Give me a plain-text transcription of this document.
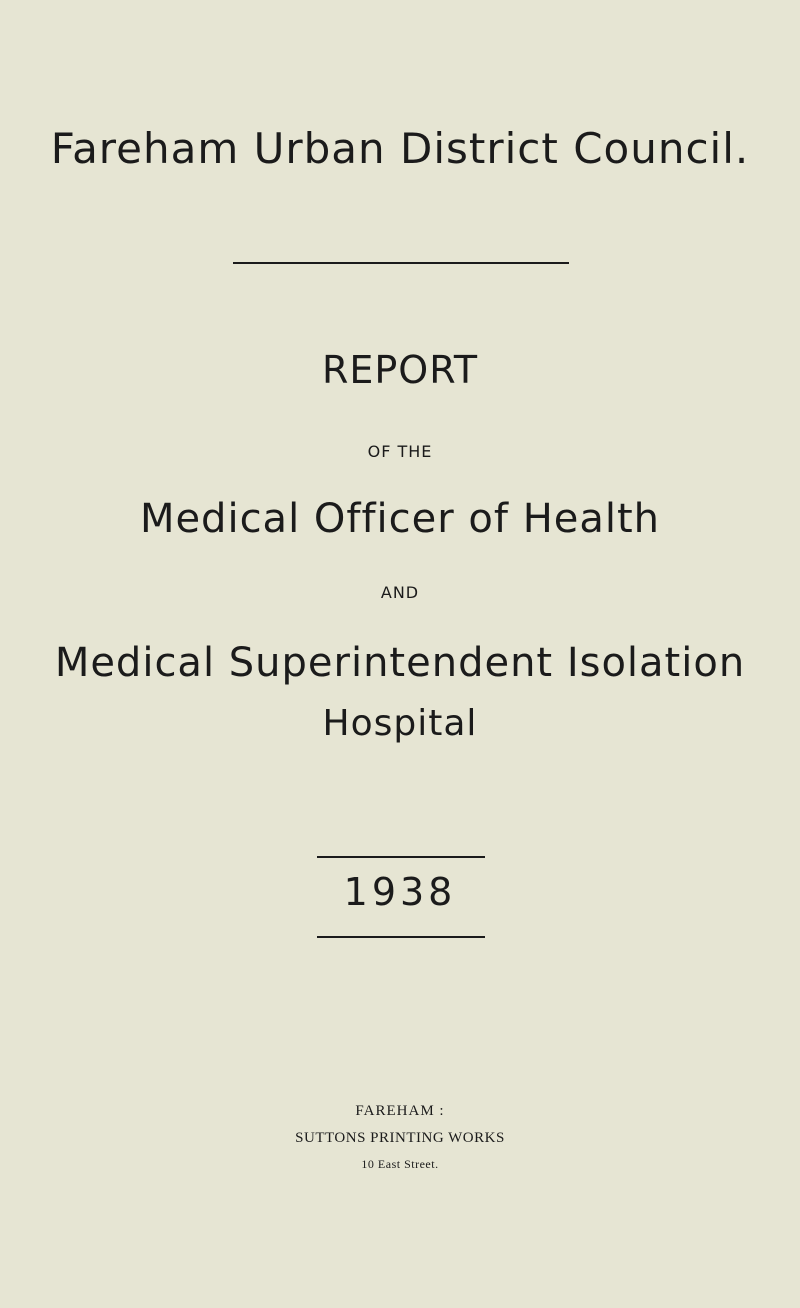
Fareham Urban District Council.
REPORT
OF THE
Medical Officer of Health
AND
Medical Superintendent Isolation
Hospital
1938
FAREHAM :
SUTTONS PRINTING WORKS
10 East Street.
